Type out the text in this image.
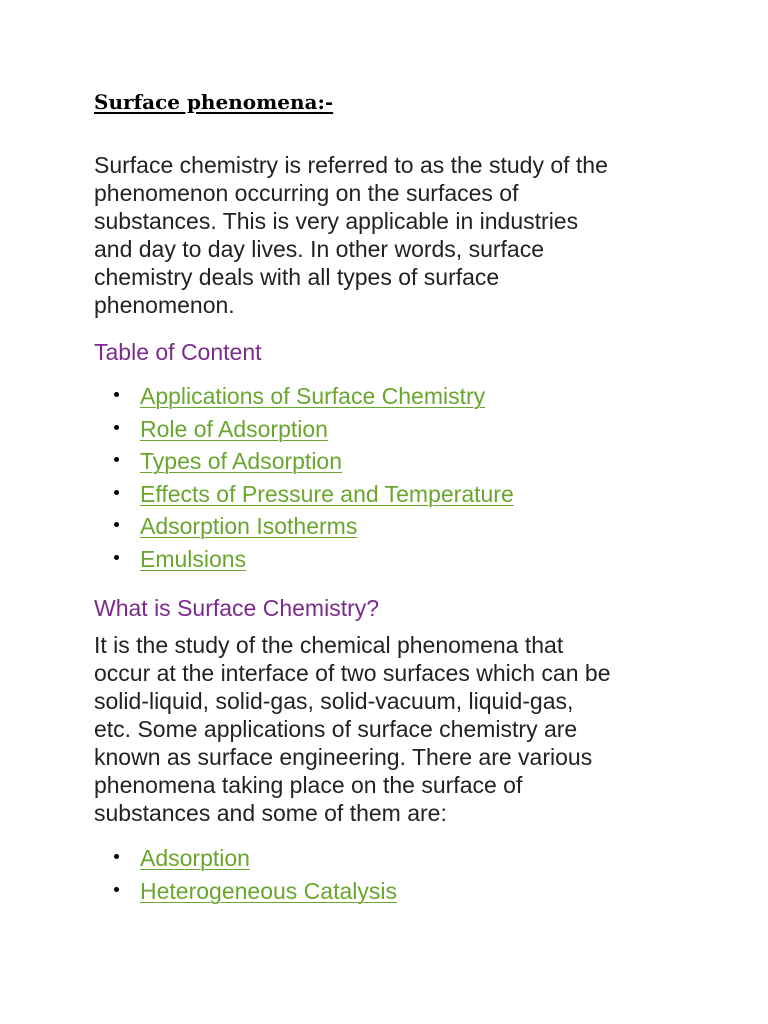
Surface phenomena:-

Surface chemistry is referred to as the study of the
phenomenon occurring on the surfaces of
substances. This is very applicable in industries
and day to day lives. In other words, surface
chemistry deals with all types of surface
phenomenon.

Table of Content
Applications of Surface Chemistry
Role of Adsorption
Types of Adsorption
Effects of Pressure and Temperature
Adsorption Isotherms
Emulsions
What is Surface Chemistry?

It is the study of the chemical phenomena that
occur at the interface of two surfaces which can be
solid-liquid, solid-gas, solid-vacuum, liquid-gas,
etc. Some applications of surface chemistry are
known as surface engineering. There are various
phenomena taking place on the surface of
substances and some of them are:

Adsorption
Heterogeneous Catalysis
